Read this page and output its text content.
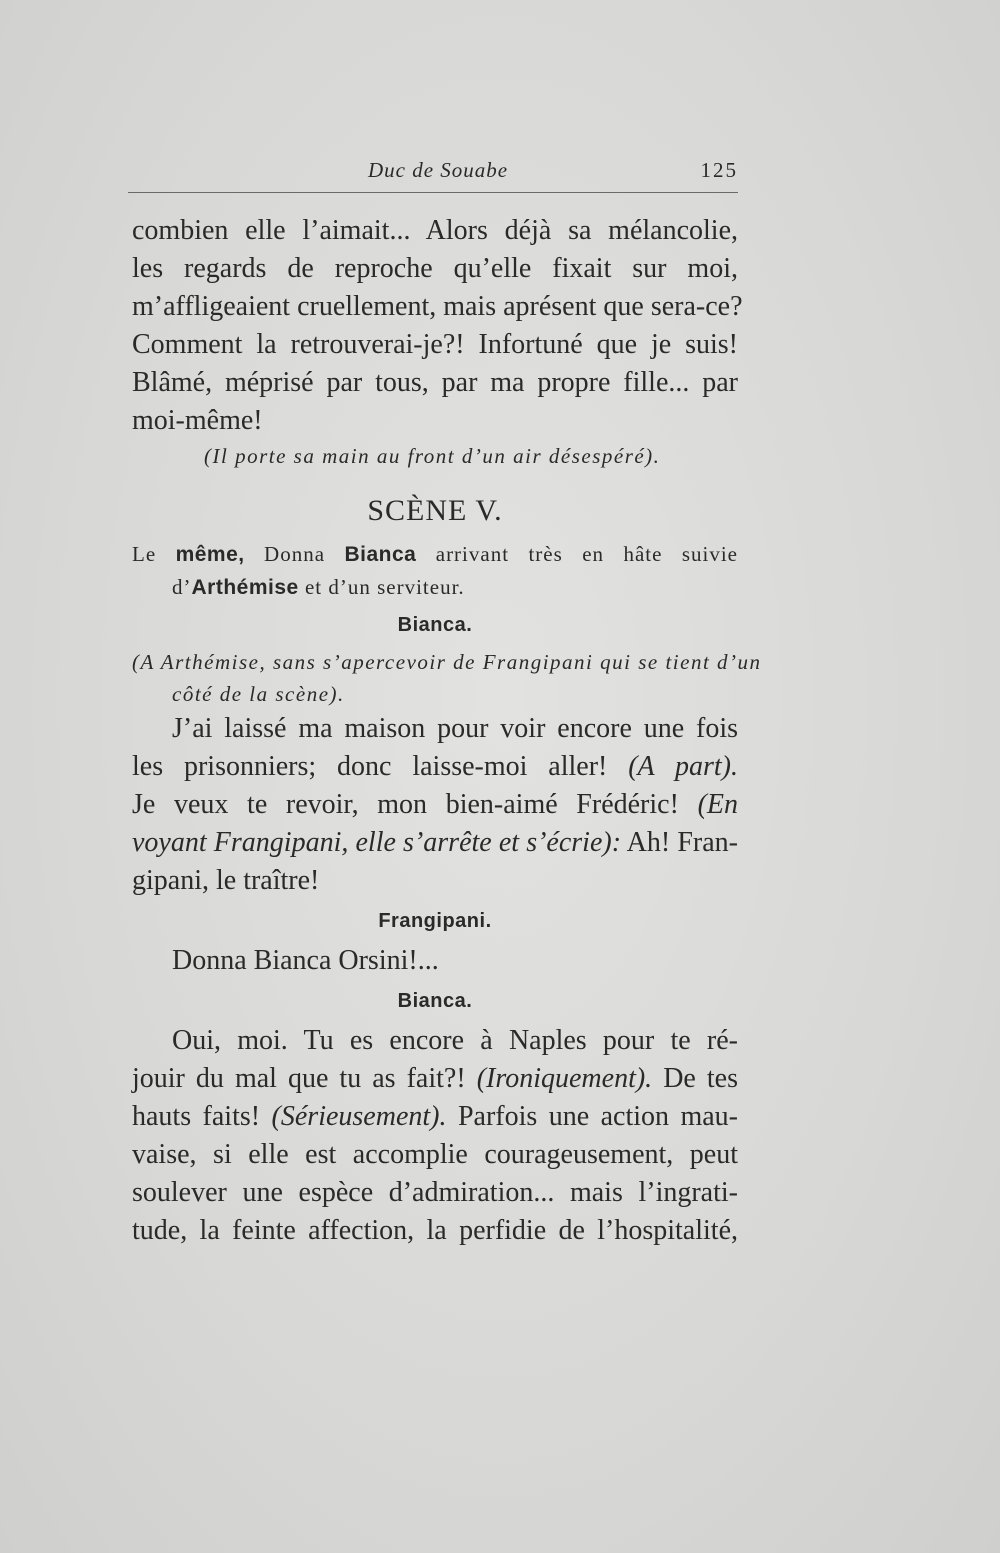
Duc de Souabe	125
combien elle l’aimait... Alors déjà sa mélancolie,
les regards de reproche qu’elle fixait sur moi,
m’affligeaient cruellement, mais aprésent que sera-ce?
Comment la retrouverai-je?! Infortuné que je suis!
Blâmé, méprisé par tous, par ma propre fille... par
moi-même!
(Il porte sa main au front d’un air désespéré).
SCÈNE V.
Le même, Donna Bianca arrivant très en hâte suivie
d’Arthémise et d’un serviteur.
Bianca.
(A Arthémise, sans s’apercevoir de Frangipani qui se tient d’un
côté de la scène).
J’ai laissé ma maison pour voir encore une fois
les prisonniers; donc laisse-moi aller! (A part).
Je veux te revoir, mon bien-aimé Frédéric! (En
voyant Frangipani, elle s’arrête et s’écrie): Ah! Fran-
gipani, le traître!
Frangipani.
Donna Bianca Orsini!...
Bianca.
Oui, moi. Tu es encore à Naples pour te ré-
jouir du mal que tu as fait?! (Ironiquement). De tes
hauts faits! (Sérieusement). Parfois une action mau-
vaise, si elle est accomplie courageusement, peut
soulever une espèce d’admiration... mais l’ingrati-
tude, la feinte affection, la perfidie de l’hospitalité,
